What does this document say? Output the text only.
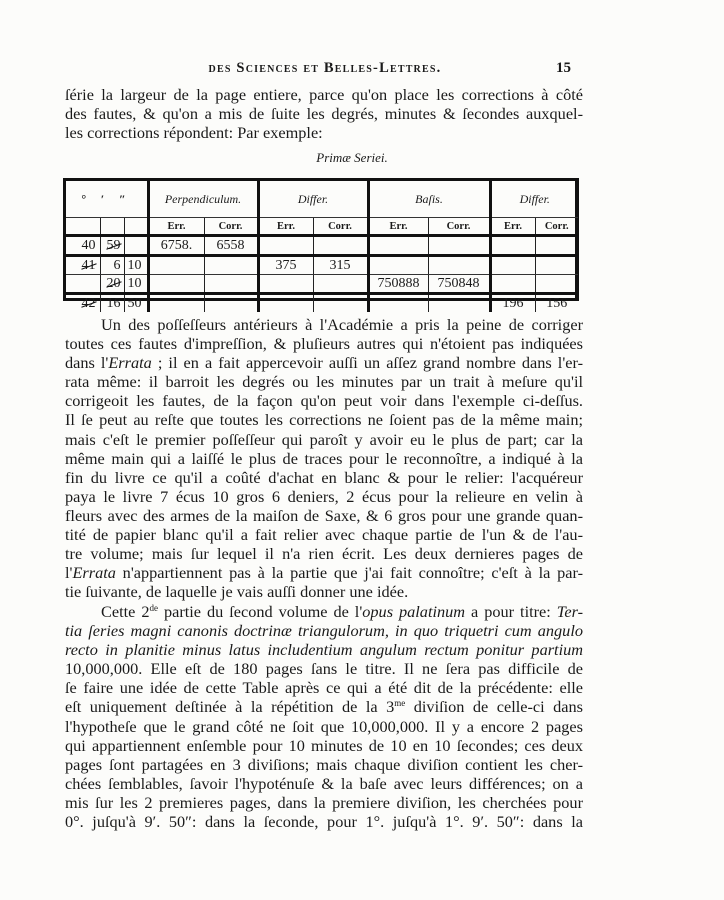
des Sciences et Belles-Lettres.	15
ſérie la largeur de la page entiere, parce qu'on place les corrections à côté
des fautes, & qu'on a mis de ſuite les degrés, minutes & ſecondes auxquel-
les corrections répondent: Par exemple:
Primæ Seriei.
° ′ ″			Perpendiculum.		Differ.		Baſis.		Differ.	
			Err.	Corr.	Err.	Corr.	Err.	Corr.	Err.	Corr.
40	59		6758.	6558						
41	6	10			375	315				
	20	10					750888	750848		
42	16	50							196	156
Un des poſſeſſeurs antérieurs à l'Académie a pris la peine de corriger
toutes ces fautes d'impreſſion, & pluſieurs autres qui n'étoient pas indiquées
dans l'Errata ; il en a fait appercevoir auſſi un aſſez grand nombre dans l'er-
rata même: il barroit les degrés ou les minutes par un trait à meſure qu'il
corrigeoit les fautes, de la façon qu'on peut voir dans l'exemple ci-deſſus.
Il ſe peut au reſte que toutes les corrections ne ſoient pas de la même main;
mais c'eſt le premier poſſeſſeur qui paroît y avoir eu le plus de part; car la
même main qui a laiſſé le plus de traces pour le reconnoître, a indiqué à la
fin du livre ce qu'il a coûté d'achat en blanc & pour le relier: l'acquéreur
paya le livre 7 écus 10 gros 6 deniers, 2 écus pour la relieure en velin à
fleurs avec des armes de la maiſon de Saxe, & 6 gros pour une grande quan-
tité de papier blanc qu'il a fait relier avec chaque partie de l'un & de l'au-
tre volume; mais ſur lequel il n'a rien écrit. Les deux dernieres pages de
l'Errata n'appartiennent pas à la partie que j'ai fait connoître; c'eſt à la par-
tie ſuivante, de laquelle je vais auſſi donner une idée.
Cette 2de partie du ſecond volume de l'opus palatinum a pour titre: Ter-
tia ſeries magni canonis doctrinæ triangulorum, in quo triquetri cum angulo
recto in planitie minus latus includentium angulum rectum ponitur partium
10,000,000. Elle eſt de 180 pages ſans le titre. Il ne ſera pas difficile de
ſe faire une idée de cette Table après ce qui a été dit de la précédente: elle
eſt uniquement deſtinée à la répétition de la $3^{me}$ diviſion de celle-ci dans
l'hypotheſe que le grand côté ne ſoit que 10,000,000. Il y a encore 2 pages
qui appartiennent enſemble pour 10 minutes de 10 en 10 ſecondes; ces deux
pages ſont partagées en 3 diviſions; mais chaque diviſion contient les cher-
chées ſemblables, ſavoir l'hypoténuſe & la baſe avec leurs différences; on a
mis ſur les 2 premieres pages, dans la premiere diviſion, les cherchées pour
0°. juſqu'à 9′. 50″: dans la ſeconde, pour 1°. juſqu'à 1°. 9′. 50″: dans la
